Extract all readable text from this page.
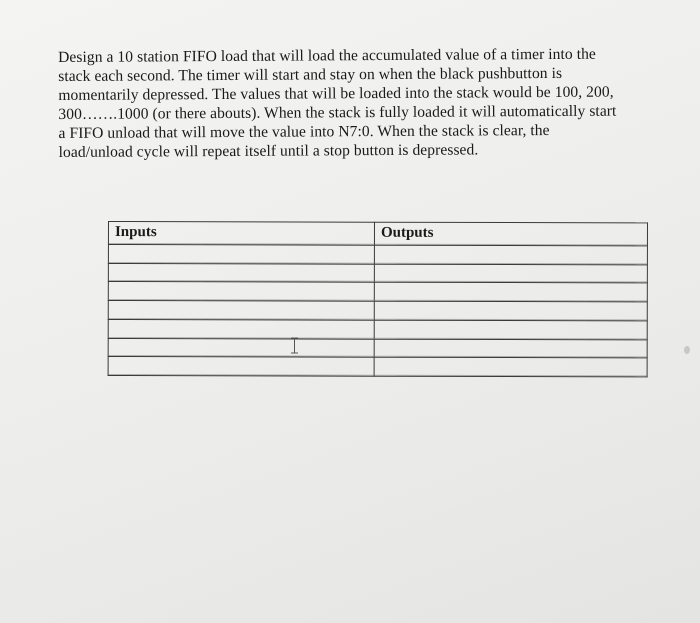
Design a 10 station FIFO load that will load the accumulated value of a timer into the
stack each second. The timer will start and stay on when the black pushbutton is
momentarily depressed. The values that will be loaded into the stack would be 100, 200,
300…….1000 (or there abouts). When the stack is fully loaded it will automatically start
a FIFO unload that will move the value into N7:0. When the stack is clear, the
load/unload cycle will repeat itself until a stop button is depressed.

Inputs	Outputs
